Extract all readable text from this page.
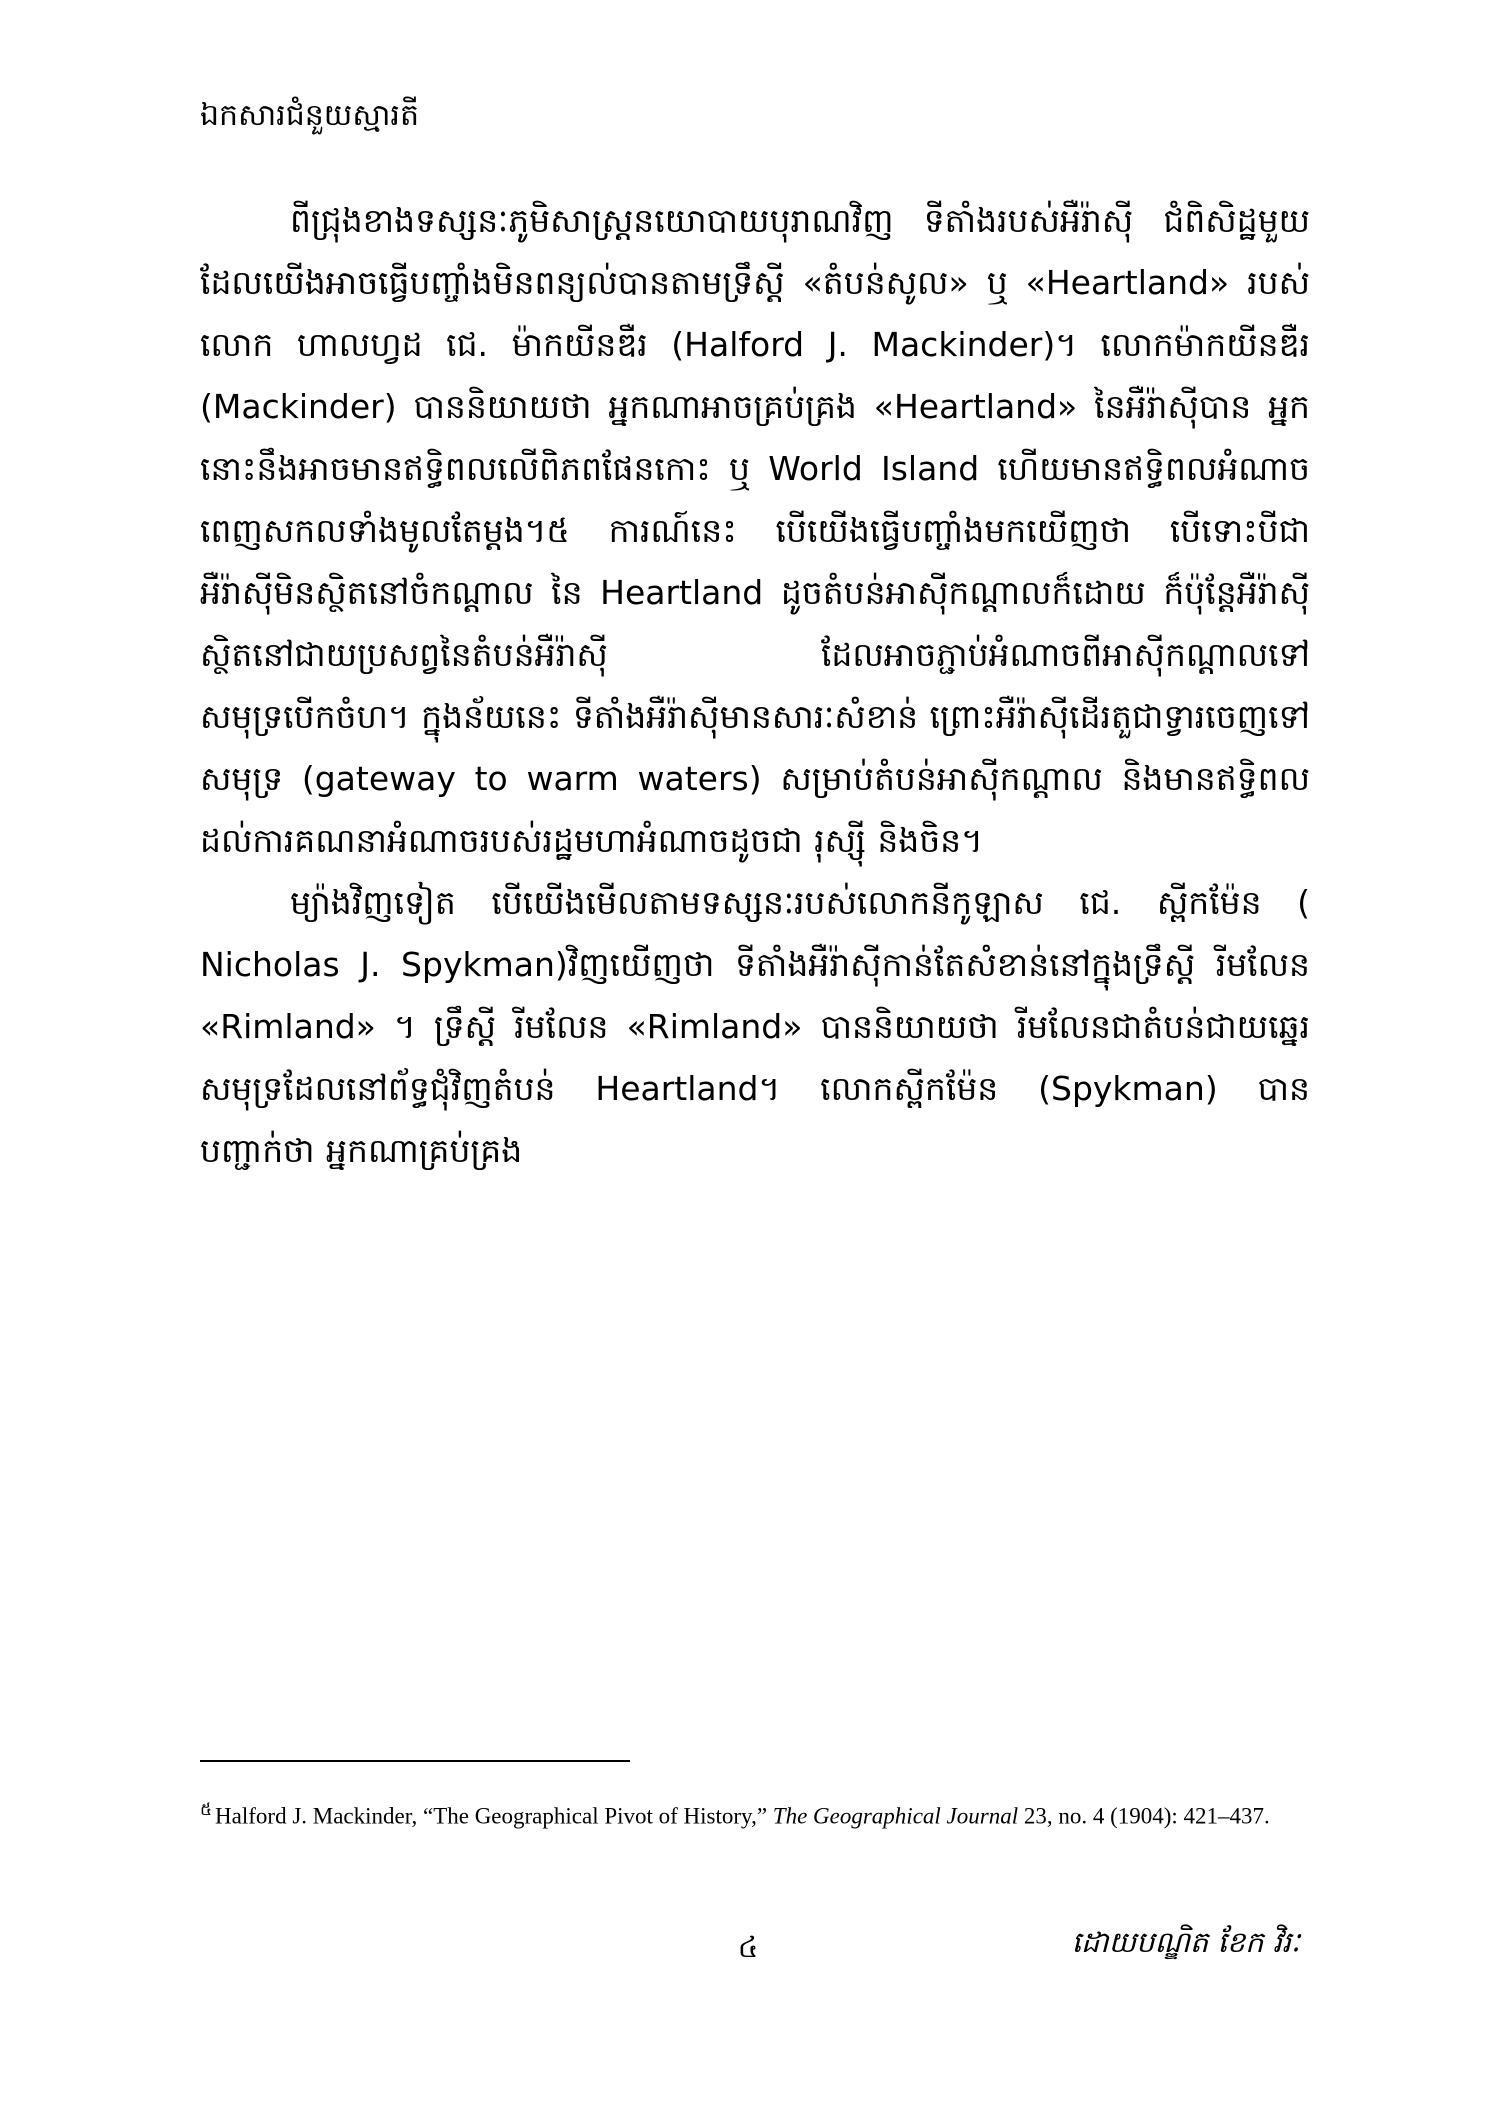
ឯកសារជំនួយស្មារតី

ពីជ្រុងខាងទស្សនៈភូមិសាស្ត្រនយោបាយបុរាណវិញ ទីតាំងរបស់អឺរ៉ាស៊ី ជំពិសិដ្ឋមួយដែលយើងអាចធ្វើបញ្ចាំងមិនពន្យល់បានតាមទ្រឹស្ដី «តំបន់សូល» ឬ «Heartland» របស់លោក ហាលហ្វដ ជេ. ម៉ាកយីនឌឺរ (Halford J. Mackinder)។ លោកម៉ាកយីនឌឺរ (Mackinder) បាននិយាយថា អ្នកណាអាចគ្រប់គ្រង «Heartland» នៃអឺរ៉ាស៊ីបាន អ្នកនោះនឹងអាចមានឥទ្ធិពលលើពិភពផែនកោះ ឬ World Island ហើយមានឥទ្ធិពលអំណាចពេញសកលទាំងមូលតែម្ដង។៥ ការណ៍នេះ បើយើងធ្វើបញ្ចាំងមកយើញថា បើទោះបីជា អឺរ៉ាស៊ីមិនស្ថិតនៅចំកណ្ដាល នៃ Heartland ដូចតំបន់អាស៊ីកណ្ដាលក៏ដោយ ក៏ប៉ុន្ដែអឺរ៉ាស៊ីស្ថិតនៅជាយប្រសព្វនៃតំបន់អឺរ៉ាស៊ី ដែលអាចភ្ជាប់អំណាចពីអាស៊ីកណ្ដាលទៅសមុទ្របើកចំហ។ ក្នុងន័យនេះ ទីតាំងអឺរ៉ាស៊ីមានសារៈសំខាន់ ព្រោះអឺរ៉ាស៊ីដើរតួជាទ្វារចេញទៅសមុទ្រ (gateway to warm waters) សម្រាប់តំបន់អាស៊ីកណ្ដាល និងមានឥទ្ធិពលដល់ការគណនាអំណាចរបស់រដ្ឋមហាអំណាចដូចជា រុស្ស៊ី និងចិន។

ម្យ៉ាងវិញទៀត បើយើងមើលតាមទស្សនៈរបស់លោកនីកូឡាស ជេ. ស្ពីកម៉ែន ( Nicholas J. Spykman)វិញយើញថា ទីតាំងអឺរ៉ាស៊ីកាន់តែសំខាន់នៅក្នុងទ្រឹស្ដី រីមលែន «Rimland» ។ ទ្រឹស្ដី រីមលែន «Rimland» បាននិយាយថា រីមលែនជាតំបន់ជាយឆ្នេរសមុទ្រដែលនៅព័ទ្ធជុំវិញតំបន់ Heartland។ លោកស្ពីកម៉ែន (Spykman) បានបញ្ជាក់ថា អ្នកណាគ្រប់គ្រង

$^៥$ Halford J. Mackinder, “The Geographical Pivot of History,” The Geographical Journal 23, no. 4 (1904): 421–437.
៤	ដោយបណ្ឌិត ខែក វិរៈ
